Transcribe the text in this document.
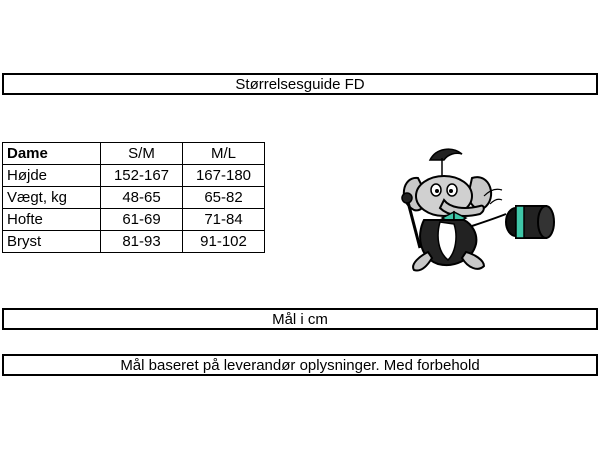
Størrelsesguide FD
Dame	S/M	M/L
Højde	152-167	167-180
Vægt, kg	48-65	65-82
Hofte	61-69	71-84
Bryst	81-93	91-102
Mål i cm
Mål baseret på leverandør oplysninger. Med forbehold
